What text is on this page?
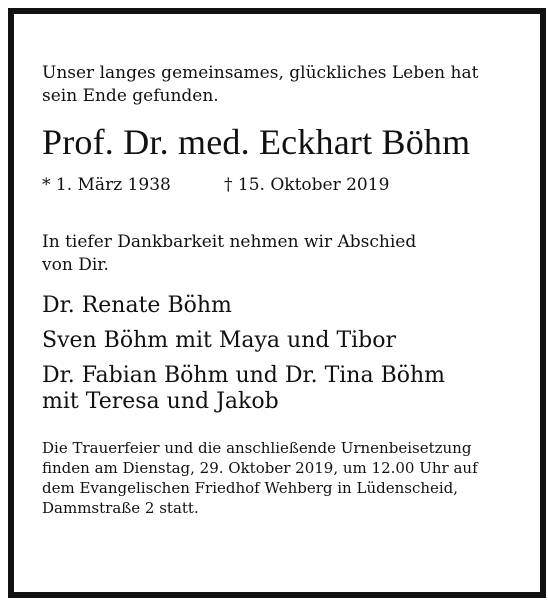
Unser langes gemeinsames, glückliches Leben hat
sein Ende gefunden.

Prof. Dr. med. Eckhart Böhm
* 1. März 1938	† 15. Oktober 2019

In tiefer Dankbarkeit nehmen wir Abschied
von Dir.

Dr. Renate Böhm

Sven Böhm mit Maya und Tibor

Dr. Fabian Böhm und Dr. Tina Böhm
mit Teresa und Jakob

Die Trauerfeier und die anschließende Urnenbeisetzung
finden am Dienstag, 29. Oktober 2019, um 12.00 Uhr auf
dem Evangelischen Friedhof Wehberg in Lüdenscheid,
Dammstraße 2 statt.
